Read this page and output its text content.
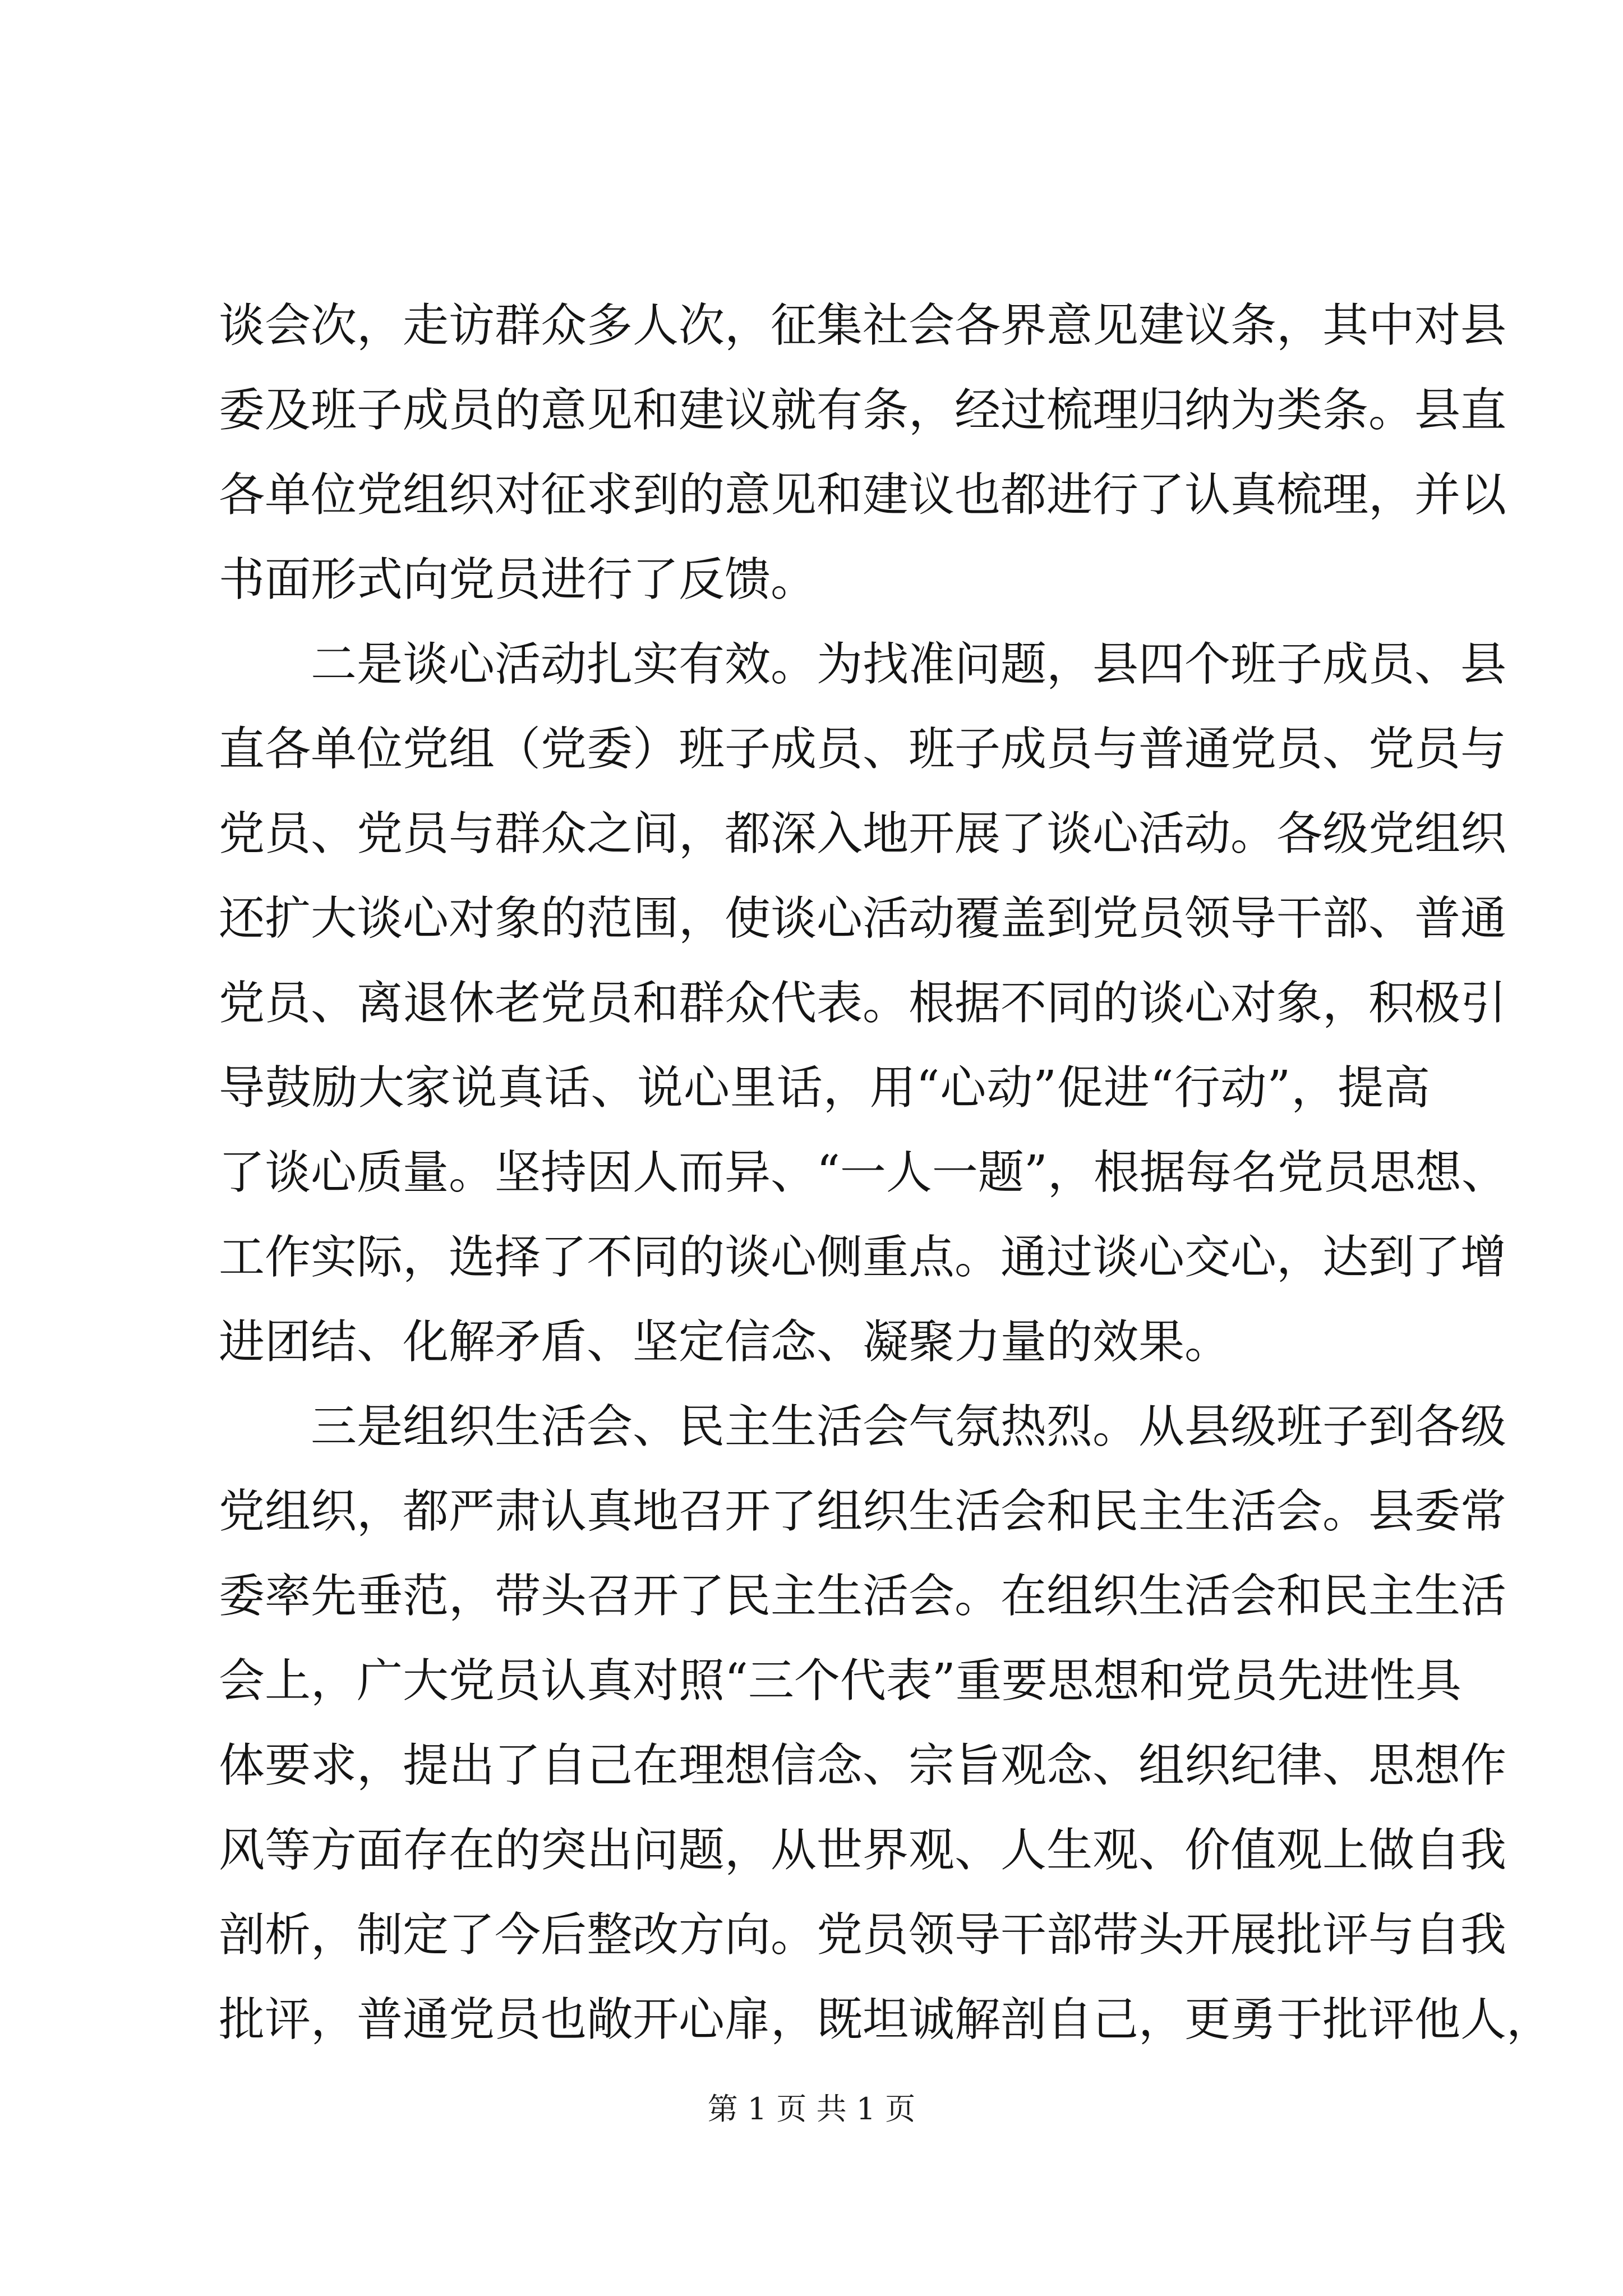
谈会次，走访群众多人次，征集社会各界意见建议条，其中对县
委及班子成员的意见和建议就有条，经过梳理归纳为类条。县直
各单位党组织对征求到的意见和建议也都进行了认真梳理，并以
书面形式向党员进行了反馈。
二是谈心活动扎实有效。为找准问题，县四个班子成员、县
直各单位党组（党委）班子成员、班子成员与普通党员、党员与
党员、党员与群众之间，都深入地开展了谈心活动。各级党组织
还扩大谈心对象的范围，使谈心活动覆盖到党员领导干部、普通
党员、离退休老党员和群众代表。根据不同的谈心对象，积极引
导鼓励大家说真话、说心里话，用“心动”促进“行动”，提高
了谈心质量。坚持因人而异、“一人一题”，根据每名党员思想、
工作实际，选择了不同的谈心侧重点。通过谈心交心，达到了增
进团结、化解矛盾、坚定信念、凝聚力量的效果。
三是组织生活会、民主生活会气氛热烈。从县级班子到各级
党组织，都严肃认真地召开了组织生活会和民主生活会。县委常
委率先垂范，带头召开了民主生活会。在组织生活会和民主生活
会上，广大党员认真对照“三个代表”重要思想和党员先进性具
体要求，提出了自己在理想信念、宗旨观念、组织纪律、思想作
风等方面存在的突出问题，从世界观、人生观、价值观上做自我
剖析，制定了今后整改方向。党员领导干部带头开展批评与自我
批评，普通党员也敞开心扉，既坦诚解剖自己，更勇于批评他人，
第 1 页 共 1 页
